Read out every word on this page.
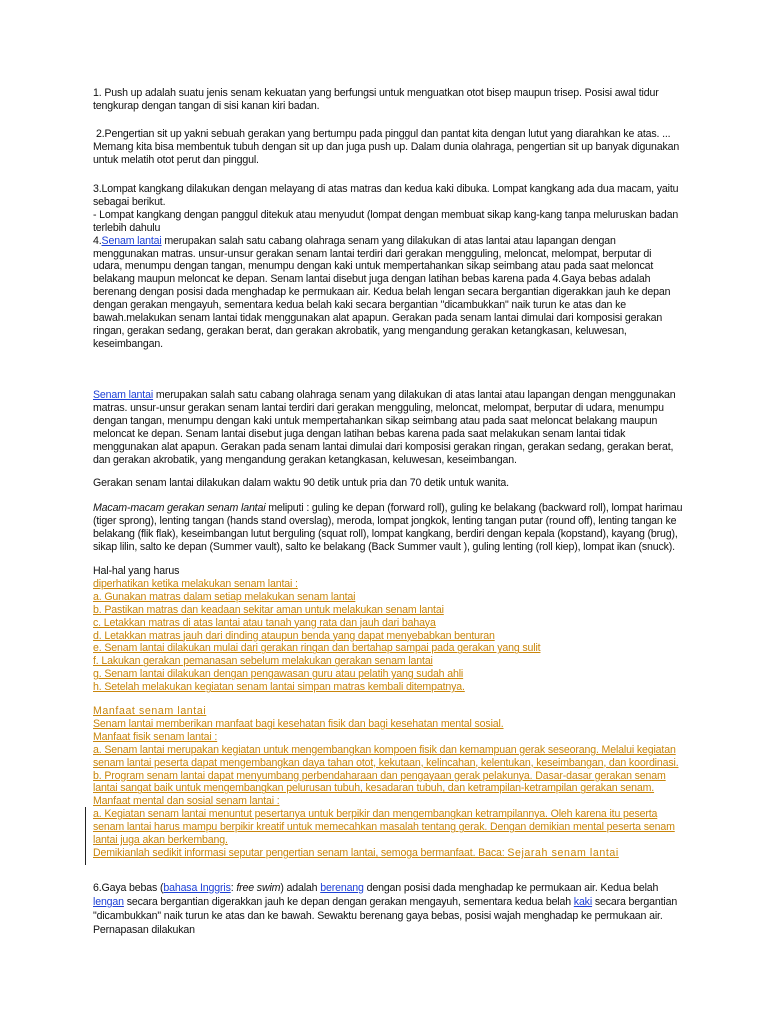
1. Push up adalah suatu jenis senam kekuatan yang berfungsi untuk menguatkan otot bisep maupun trisep. Posisi awal tidur tengkurap dengan tangan di sisi kanan kiri badan.

2.Pengertian sit up yakni sebuah gerakan yang bertumpu pada pinggul dan pantat kita dengan lutut yang diarahkan ke atas. ... Memang kita bisa membentuk tubuh dengan sit up dan juga push up. Dalam dunia olahraga, pengertian sit up banyak digunakan untuk melatih otot perut dan pinggul.

3.Lompat kangkang dilakukan dengan melayang di atas matras dan kedua kaki dibuka. Lompat kangkang ada dua macam, yaitu sebagai berikut.

- Lompat kangkang dengan panggul ditekuk atau menyudut (lompat dengan membuat sikap kang-kang tanpa meluruskan badan terlebih dahulu

4.Senam lantai merupakan salah satu cabang olahraga senam yang dilakukan di atas lantai atau lapangan dengan menggunakan matras. unsur-unsur gerakan senam lantai terdiri dari gerakan mengguling, meloncat, melompat, berputar di udara, menumpu dengan tangan, menumpu dengan kaki untuk mempertahankan sikap seimbang atau pada saat meloncat belakang maupun meloncat ke depan. Senam lantai disebut juga dengan latihan bebas karena pada 4.Gaya bebas adalah berenang dengan posisi dada menghadap ke permukaan air. Kedua belah lengan secara bergantian digerakkan jauh ke depan dengan gerakan mengayuh, sementara kedua belah kaki secara bergantian "dicambukkan" naik turun ke atas dan ke bawah.melakukan senam lantai tidak menggunakan alat apapun. Gerakan pada senam lantai dimulai dari komposisi gerakan ringan, gerakan sedang, gerakan berat, dan gerakan akrobatik, yang mengandung gerakan ketangkasan, keluwesan, keseimbangan.

Senam lantai merupakan salah satu cabang olahraga senam yang dilakukan di atas lantai atau lapangan dengan menggunakan matras. unsur-unsur gerakan senam lantai terdiri dari gerakan mengguling, meloncat, melompat, berputar di udara, menumpu dengan tangan, menumpu dengan kaki untuk mempertahankan sikap seimbang atau pada saat meloncat belakang maupun meloncat ke depan. Senam lantai disebut juga dengan latihan bebas karena pada saat melakukan senam lantai tidak menggunakan alat apapun. Gerakan pada senam lantai dimulai dari komposisi gerakan ringan, gerakan sedang, gerakan berat, dan gerakan akrobatik, yang mengandung gerakan ketangkasan, keluwesan, keseimbangan.

Gerakan senam lantai dilakukan dalam waktu 90 detik untuk pria dan 70 detik untuk wanita.

Macam-macam gerakan senam lantai meliputi : guling ke depan (forward roll), guling ke belakang (backward roll), lompat harimau (tiger sprong), lenting tangan (hands stand overslag), meroda, lompat jongkok, lenting tangan putar (round off), lenting tangan ke belakang (flik flak), keseimbangan lutut berguling (squat roll), lompat kangkang, berdiri dengan kepala (kopstand), kayang (brug), sikap lilin, salto ke depan (Summer vault), salto ke belakang (Back Summer vault ), guling lenting (roll kiep), lompat ikan (snuck).

Hal-hal yang harus

diperhatikan ketika melakukan senam lantai :
a. Gunakan matras dalam setiap melakukan senam lantai
b. Pastikan matras dan keadaan sekitar aman untuk melakukan senam lantai
c. Letakkan matras di atas lantai atau tanah yang rata dan jauh dari bahaya
d. Letakkan matras jauh dari dinding ataupun benda yang dapat menyebabkan benturan
e. Senam lantai dilakukan mulai dari gerakan ringan dan bertahap sampai pada gerakan yang sulit
f. Lakukan gerakan pemanasan sebelum melakukan gerakan senam lantai
g. Senam lantai dilakukan dengan pengawasan guru atau pelatih yang sudah ahli
h. Setelah melakukan kegiatan senam lantai simpan matras kembali ditempatnya.
Manfaat senam lantai
Senam lantai memberikan manfaat bagi kesehatan fisik dan bagi kesehatan mental sosial.
Manfaat fisik senam lantai :
a. Senam lantai merupakan kegiatan untuk mengembangkan kompoen fisik dan kemampuan gerak seseorang. Melalui kegiatan senam lantai peserta dapat mengembangkan daya tahan otot, kekutaan, kelincahan, kelentukan, keseimbangan, dan koordinasi.
b. Program senam lantai dapat menyumbang perbendaharaan dan pengayaan gerak pelakunya. Dasar-dasar gerakan senam lantai sangat baik untuk mengembangkan pelurusan tubuh, kesadaran tubuh, dan ketrampilan-ketrampilan gerakan senam.
Manfaat mental dan sosial senam lantai :
a. Kegiatan senam lantai menuntut pesertanya untuk berpikir dan mengembangkan ketrampilannya. Oleh karena itu peserta senam lantai harus mampu berpikir kreatif untuk memecahkan masalah tentang gerak. Dengan demikian mental peserta senam lantai juga akan berkembang.
Demikianlah sedikit informasi seputar pengertian senam lantai, semoga bermanfaat. Baca: Sejarah senam lantai

6.Gaya bebas (bahasa Inggris: free swim) adalah berenang dengan posisi dada menghadap ke permukaan air. Kedua belah lengan secara bergantian digerakkan jauh ke depan dengan gerakan mengayuh, sementara kedua belah kaki secara bergantian "dicambukkan" naik turun ke atas dan ke bawah. Sewaktu berenang gaya bebas, posisi wajah menghadap ke permukaan air. Pernapasan dilakukan
